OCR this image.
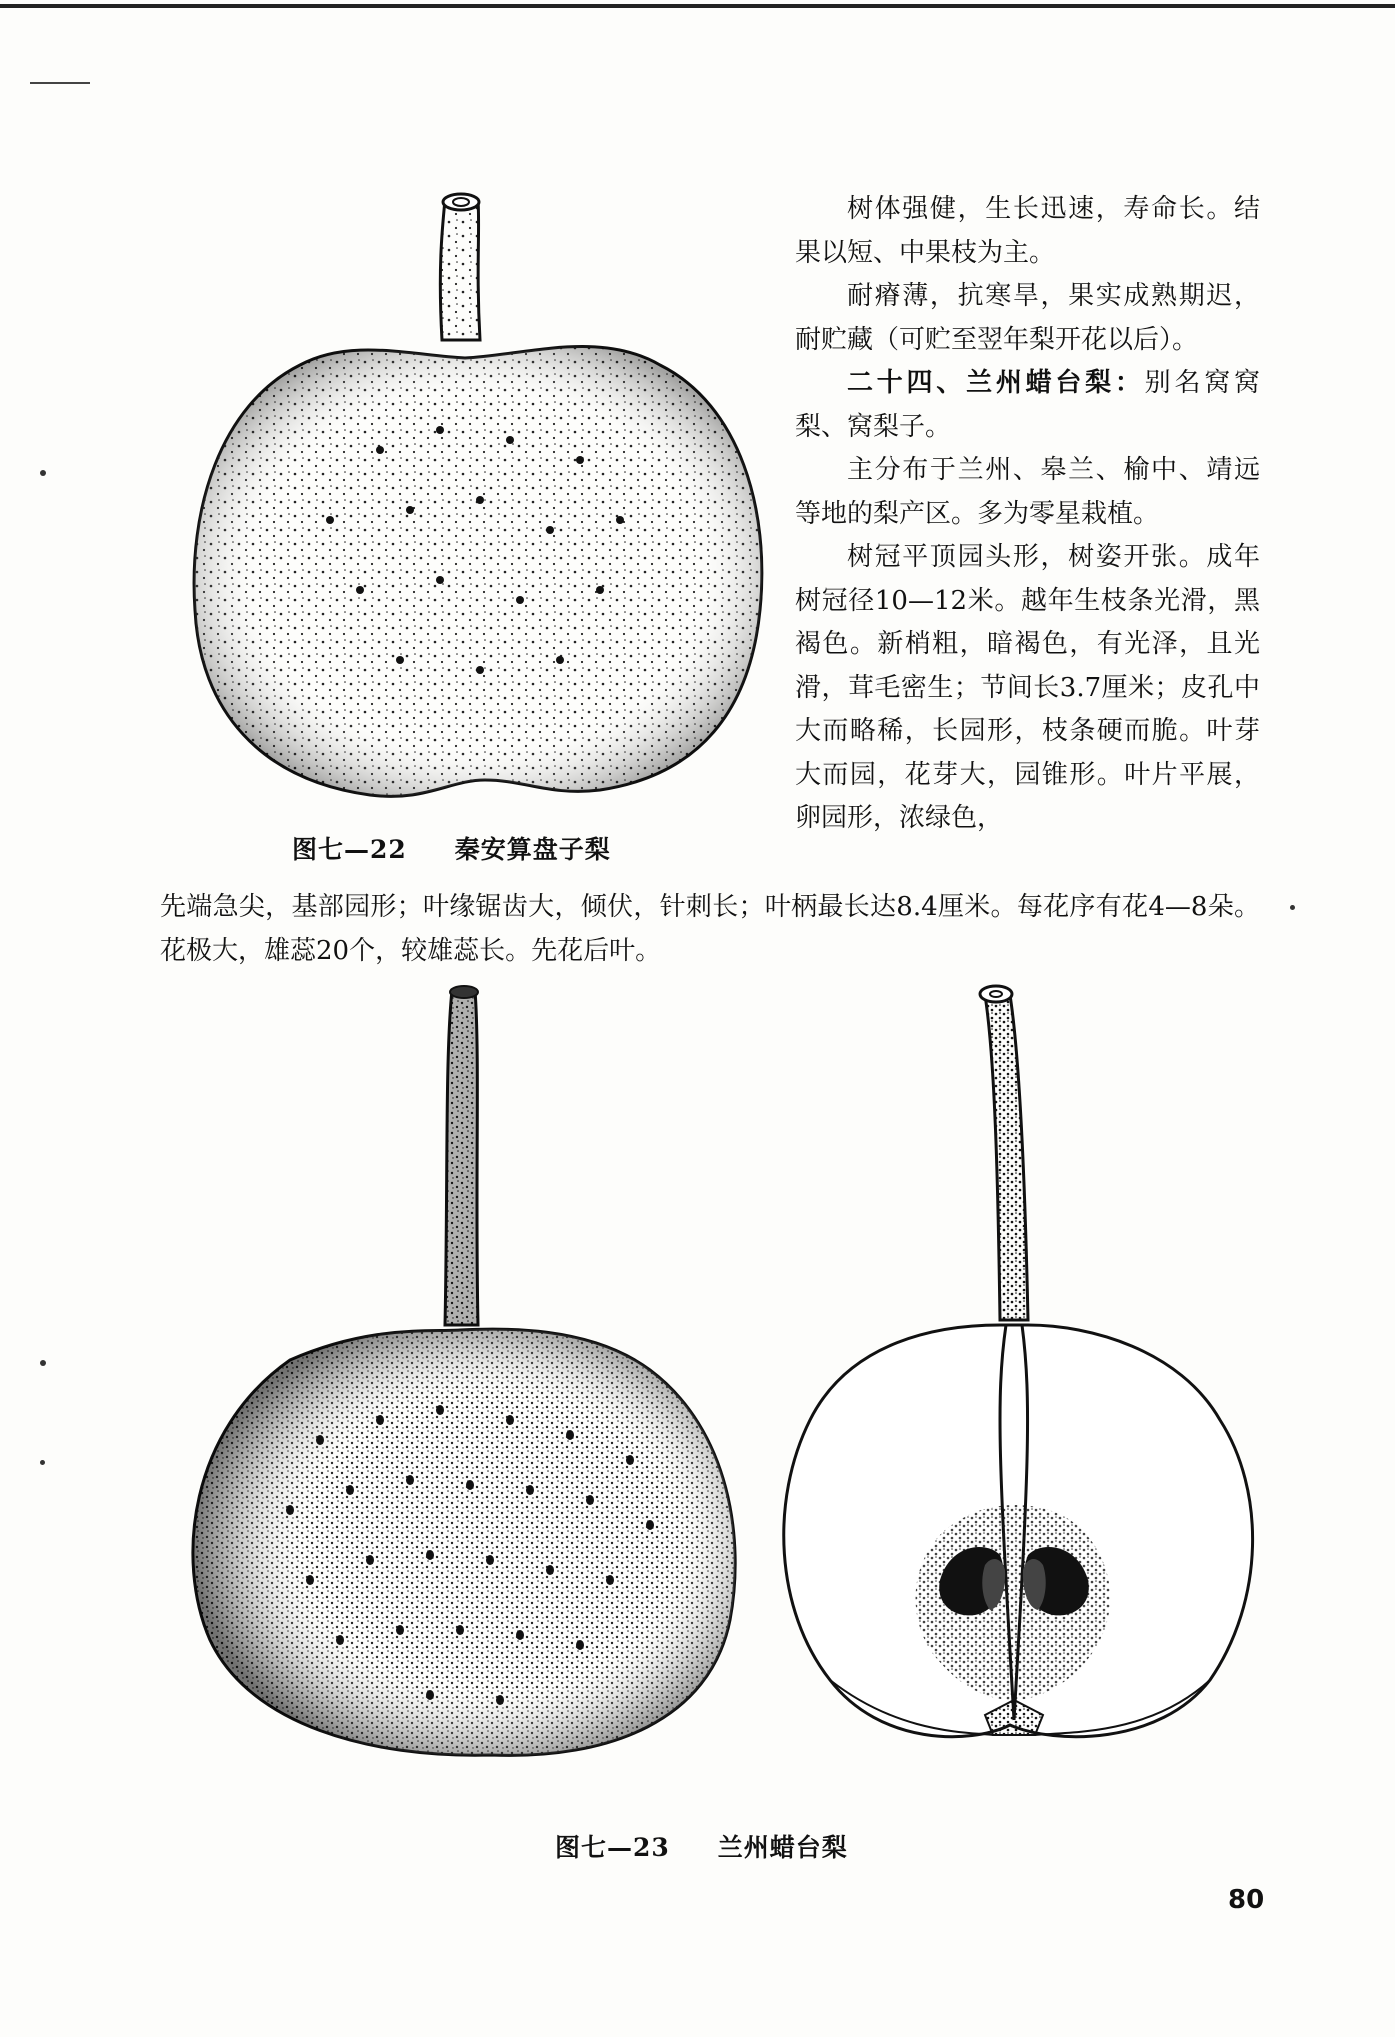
图七—22 秦安算盘子梨

树体强健，生长迅速，寿命长。结果以短、中果枝为主。

耐瘠薄，抗寒旱，果实成熟期迟，耐贮藏（可贮至翌年梨开花以后）。

二十四、兰州蜡台梨：别名窝窝梨、窝梨子。

主分布于兰州、皋兰、榆中、靖远等地的梨产区。多为零星栽植。

树冠平顶园头形，树姿开张。成年树冠径10—12米。越年生枝条光滑，黑褐色。新梢粗，暗褐色，有光泽，且光滑，茸毛密生；节间长3.7厘米；皮孔中大而略稀，长园形，枝条硬而脆。叶芽大而园，花芽大，园锥形。叶片平展，卵园形，浓绿色，

先端急尖，基部园形；叶缘锯齿大，倾伏，针刺长；叶柄最长达8.4厘米。每花序有花4—8朵。花极大，雄蕊20个，较雄蕊长。先花后叶。

图七—23 兰州蜡台梨
80
